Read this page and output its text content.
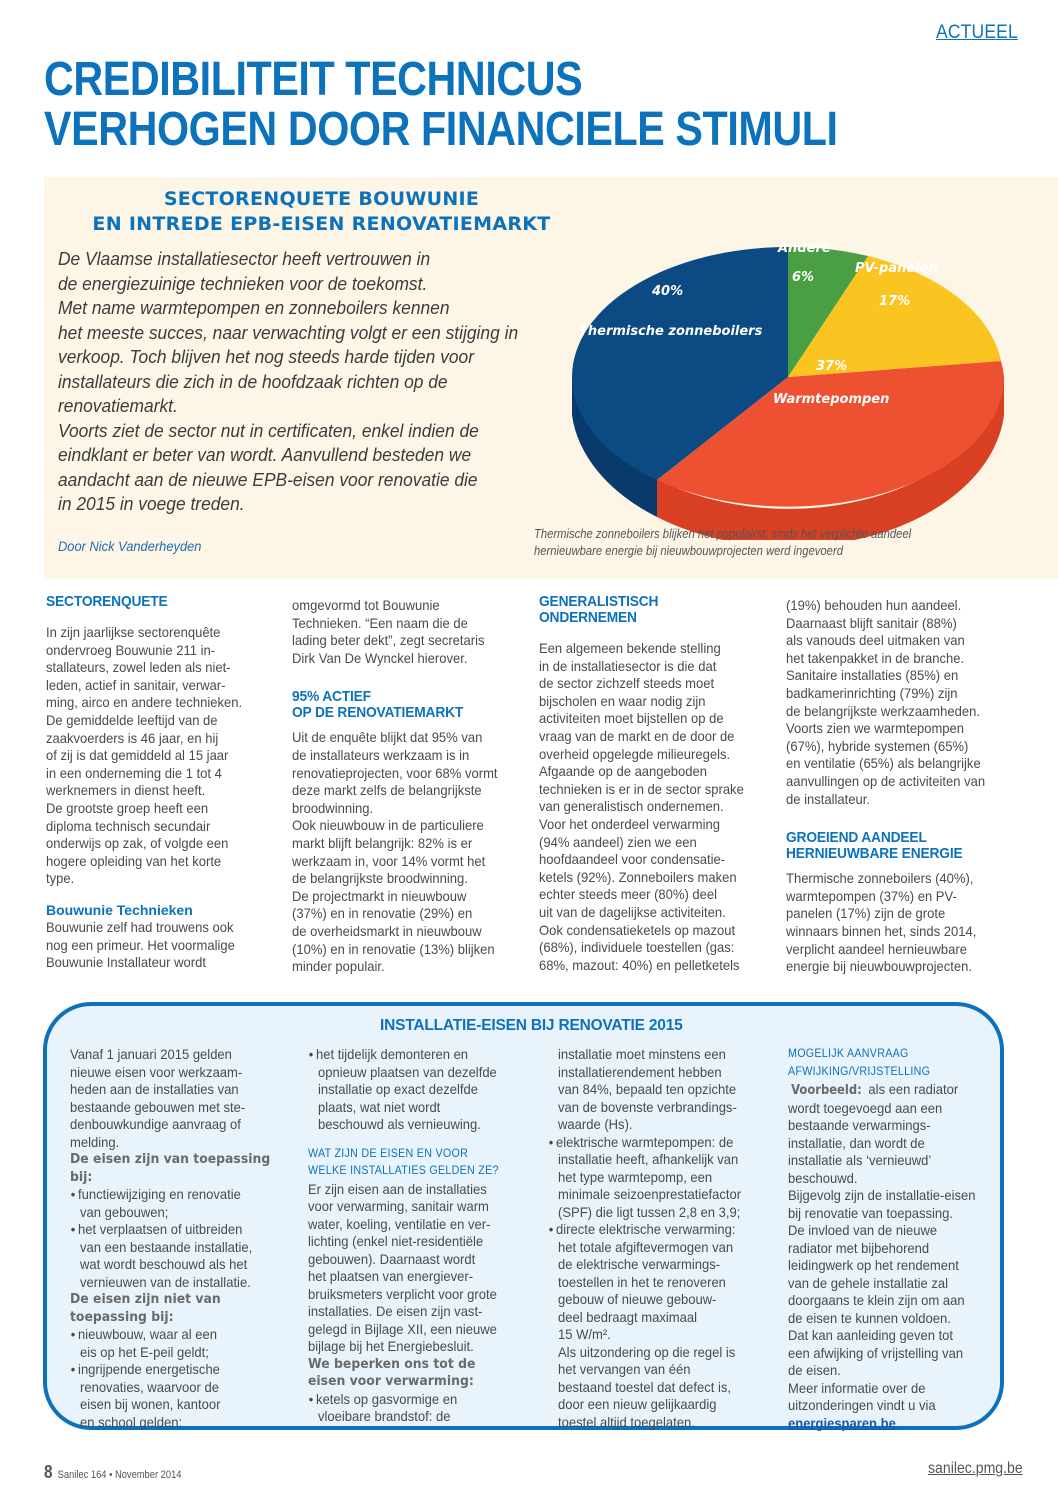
ACTUEEL
CREDIBILITEIT TECHNICUS
VERHOGEN DOOR FINANCIELE STIMULI
SECTORENQUETE BOUWUNIE
EN INTREDE EPB-EISEN RENOVATIEMARKT

De Vlaamse installatiesector heeft vertrouwen in
de energiezuinige technieken voor de toekomst.
Met name warmtepompen en zonneboilers kennen
het meeste succes, naar verwachting volgt er een stijging in
verkoop. Toch blijven het nog steeds harde tijden voor
installateurs die zich in de hoofdzaak richten op de
renovatiemarkt.
Voorts ziet de sector nut in certificaten, enkel indien de
eindklant er beter van wordt. Aanvullend besteden we
aandacht aan de nieuwe EPB-eisen voor renovatie die
in 2015 in voege treden.

Door Nick Vanderheyden
Andere
6%
PV-panelen
17%
40%
Thermische zonneboilers
37%
Warmtepompen
Thermische zonneboilers blijken het populairst, sinds het verplichte aandeel
hernieuwbare energie bij nieuwbouwprojecten werd ingevoerd
SECTORENQUETE

In zijn jaarlijkse sectorenquête
ondervroeg Bouwunie 211 in-
stallateurs, zowel leden als niet-
leden, actief in sanitair, verwar-
ming, airco en andere technieken.
De gemiddelde leeftijd van de
zaakvoerders is 46 jaar, en hij
of zij is dat gemiddeld al 15 jaar
in een onderneming die 1 tot 4
werknemers in dienst heeft.
De grootste groep heeft een
diploma technisch secundair
onderwijs op zak, of volgde een
hogere opleiding van het korte
type.

Bouwunie Technieken

Bouwunie zelf had trouwens ook
nog een primeur. Het voormalige
Bouwunie Installateur wordt

omgevormd tot Bouwunie
Technieken. “Een naam die de
lading beter dekt”, zegt secretaris
Dirk Van De Wynckel hierover.

95% ACTIEF
OP DE RENOVATIEMARKT

Uit de enquête blijkt dat 95% van
de installateurs werkzaam is in
renovatieprojecten, voor 68% vormt
deze markt zelfs de belangrijkste
broodwinning.
Ook nieuwbouw in de particuliere
markt blijft belangrijk: 82% is er
werkzaam in, voor 14% vormt het
de belangrijkste broodwinning.
De projectmarkt in nieuwbouw
(37%) en in renovatie (29%) en
de overheidsmarkt in nieuwbouw
(10%) en in renovatie (13%) blijken
minder populair.

GENERALISTISCH
ONDERNEMEN

Een algemeen bekende stelling
in de installatiesector is die dat
de sector zichzelf steeds moet
bijscholen en waar nodig zijn
activiteiten moet bijstellen op de
vraag van de markt en de door de
overheid opgelegde milieuregels.
Afgaande op de aangeboden
technieken is er in de sector sprake
van generalistisch ondernemen.
Voor het onderdeel verwarming
(94% aandeel) zien we een
hoofdaandeel voor condensatie-
ketels (92%). Zonneboilers maken
echter steeds meer (80%) deel
uit van de dagelijkse activiteiten.
Ook condensatieketels op mazout
(68%), individuele toestellen (gas:
68%, mazout: 40%) en pelletketels

(19%) behouden hun aandeel.
Daarnaast blijft sanitair (88%)
als vanouds deel uitmaken van
het takenpakket in de branche.
Sanitaire installaties (85%) en
badkamerinrichting (79%) zijn
de belangrijkste werkzaamheden.
Voorts zien we warmtepompen
(67%), hybride systemen (65%)
en ventilatie (65%) als belangrijke
aanvullingen op de activiteiten van
de installateur.

GROEIEND AANDEEL
HERNIEUWBARE ENERGIE

Thermische zonneboilers (40%),
warmtepompen (37%) en PV-
panelen (17%) zijn de grote
winnaars binnen het, sinds 2014,
verplicht aandeel hernieuwbare
energie bij nieuwbouwprojecten.

INSTALLATIE-EISEN BIJ RENOVATIE 2015
Vanaf 1 januari 2015 gelden
nieuwe eisen voor werkzaam-
heden aan de installaties van
bestaande gebouwen met ste-
denbouwkundige aanvraag of
melding.
De eisen zijn van toepassing
bij:
• functiewijziging en renovatie
van gebouwen;
• het verplaatsen of uitbreiden
van een bestaande installatie,
wat wordt beschouwd als het
vernieuwen van de installatie.
De eisen zijn niet van
toepassing bij:
• nieuwbouw, waar al een
eis op het E-peil geldt;
• ingrijpende energetische
renovaties, waarvoor de
eisen bij wonen, kantoor
en school gelden;
• het tijdelijk demonteren en
opnieuw plaatsen van dezelfde
installatie op exact dezelfde
plaats, wat niet wordt
beschouwd als vernieuwing.
WAT ZIJN DE EISEN EN VOOR
WELKE INSTALLATIES GELDEN ZE?
Er zijn eisen aan de installaties
voor verwarming, sanitair warm
water, koeling, ventilatie en ver-
lichting (enkel niet-residentiële
gebouwen). Daarnaast wordt
het plaatsen van energiever-
bruiksmeters verplicht voor grote
installaties. De eisen zijn vast-
gelegd in Bijlage XII, een nieuwe
bijlage bij het Energiebesluit.
We beperken ons tot de
eisen voor verwarming:
• ketels op gasvormige en
vloeibare brandstof: de
installatie moet minstens een
installatierendement hebben
van 84%, bepaald ten opzichte
van de bovenste verbrandings-
waarde (Hs).
• elektrische warmtepompen: de
installatie heeft, afhankelijk van
het type warmtepomp, een
minimale seizoenprestatiefactor
(SPF) die ligt tussen 2,8 en 3,9;
• directe elektrische verwarming:
het totale afgiftevermogen van
de elektrische verwarmings-
toestellen in het te renoveren
gebouw of nieuwe gebouw-
deel bedraagt maximaal
15 W/m².
Als uitzondering op die regel is
het vervangen van één
bestaand toestel dat defect is,
door een nieuw gelijkaardig
toestel altijd toegelaten.
MOGELIJK AANVRAAG
AFWIJKING/VRIJSTELLING
Voorbeeld: als een radiator
wordt toegevoegd aan een
bestaande verwarmings-
installatie, dan wordt de
installatie als ‘vernieuwd’
beschouwd.
Bijgevolg zijn de installatie-eisen
bij renovatie van toepassing.
De invloed van de nieuwe
radiator met bijbehorend
leidingwerk op het rendement
van de gehele installatie zal
doorgaans te klein zijn om aan
de eisen te kunnen voldoen.
Dat kan aanleiding geven tot
een afwijking of vrijstelling van
de eisen.
Meer informatie over de
uitzonderingen vindt u via
energiesparen.be.
8 Sanilec 164 • November 2014	sanilec.pmg.be
